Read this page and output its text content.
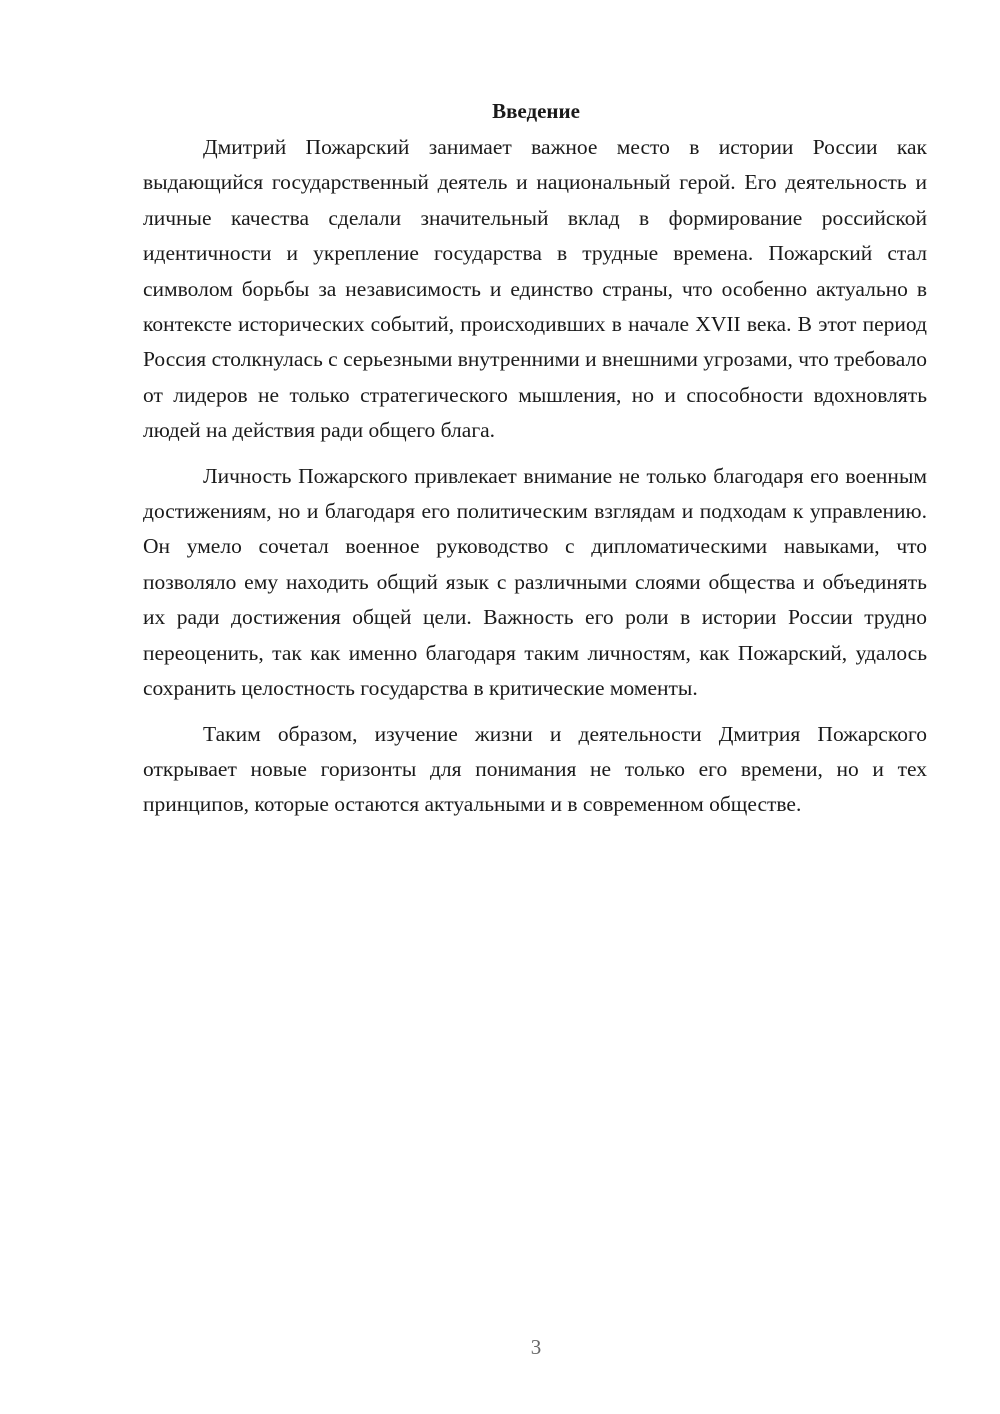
Введение

Дмитрий Пожарский занимает важное место в истории России как выдающийся государственный деятель и национальный герой. Его деятельность и личные качества сделали значительный вклад в формирование российской идентичности и укрепление государства в трудные времена. Пожарский стал символом борьбы за независимость и единство страны, что особенно актуально в контексте исторических событий, происходивших в начале XVII века. В этот период Россия столкнулась с серьезными внутренними и внешними угрозами, что требовало от лидеров не только стратегического мышления, но и способности вдохновлять людей на действия ради общего блага.

Личность Пожарского привлекает внимание не только благодаря его военным достижениям, но и благодаря его политическим взглядам и подходам к управлению. Он умело сочетал военное руководство с дипломатическими навыками, что позволяло ему находить общий язык с различными слоями общества и объединять их ради достижения общей цели. Важность его роли в истории России трудно переоценить, так как именно благодаря таким личностям, как Пожарский, удалось сохранить целостность государства в критические моменты.

Таким образом, изучение жизни и деятельности Дмитрия Пожарского открывает новые горизонты для понимания не только его времени, но и тех принципов, которые остаются актуальными и в современном обществе.

3
